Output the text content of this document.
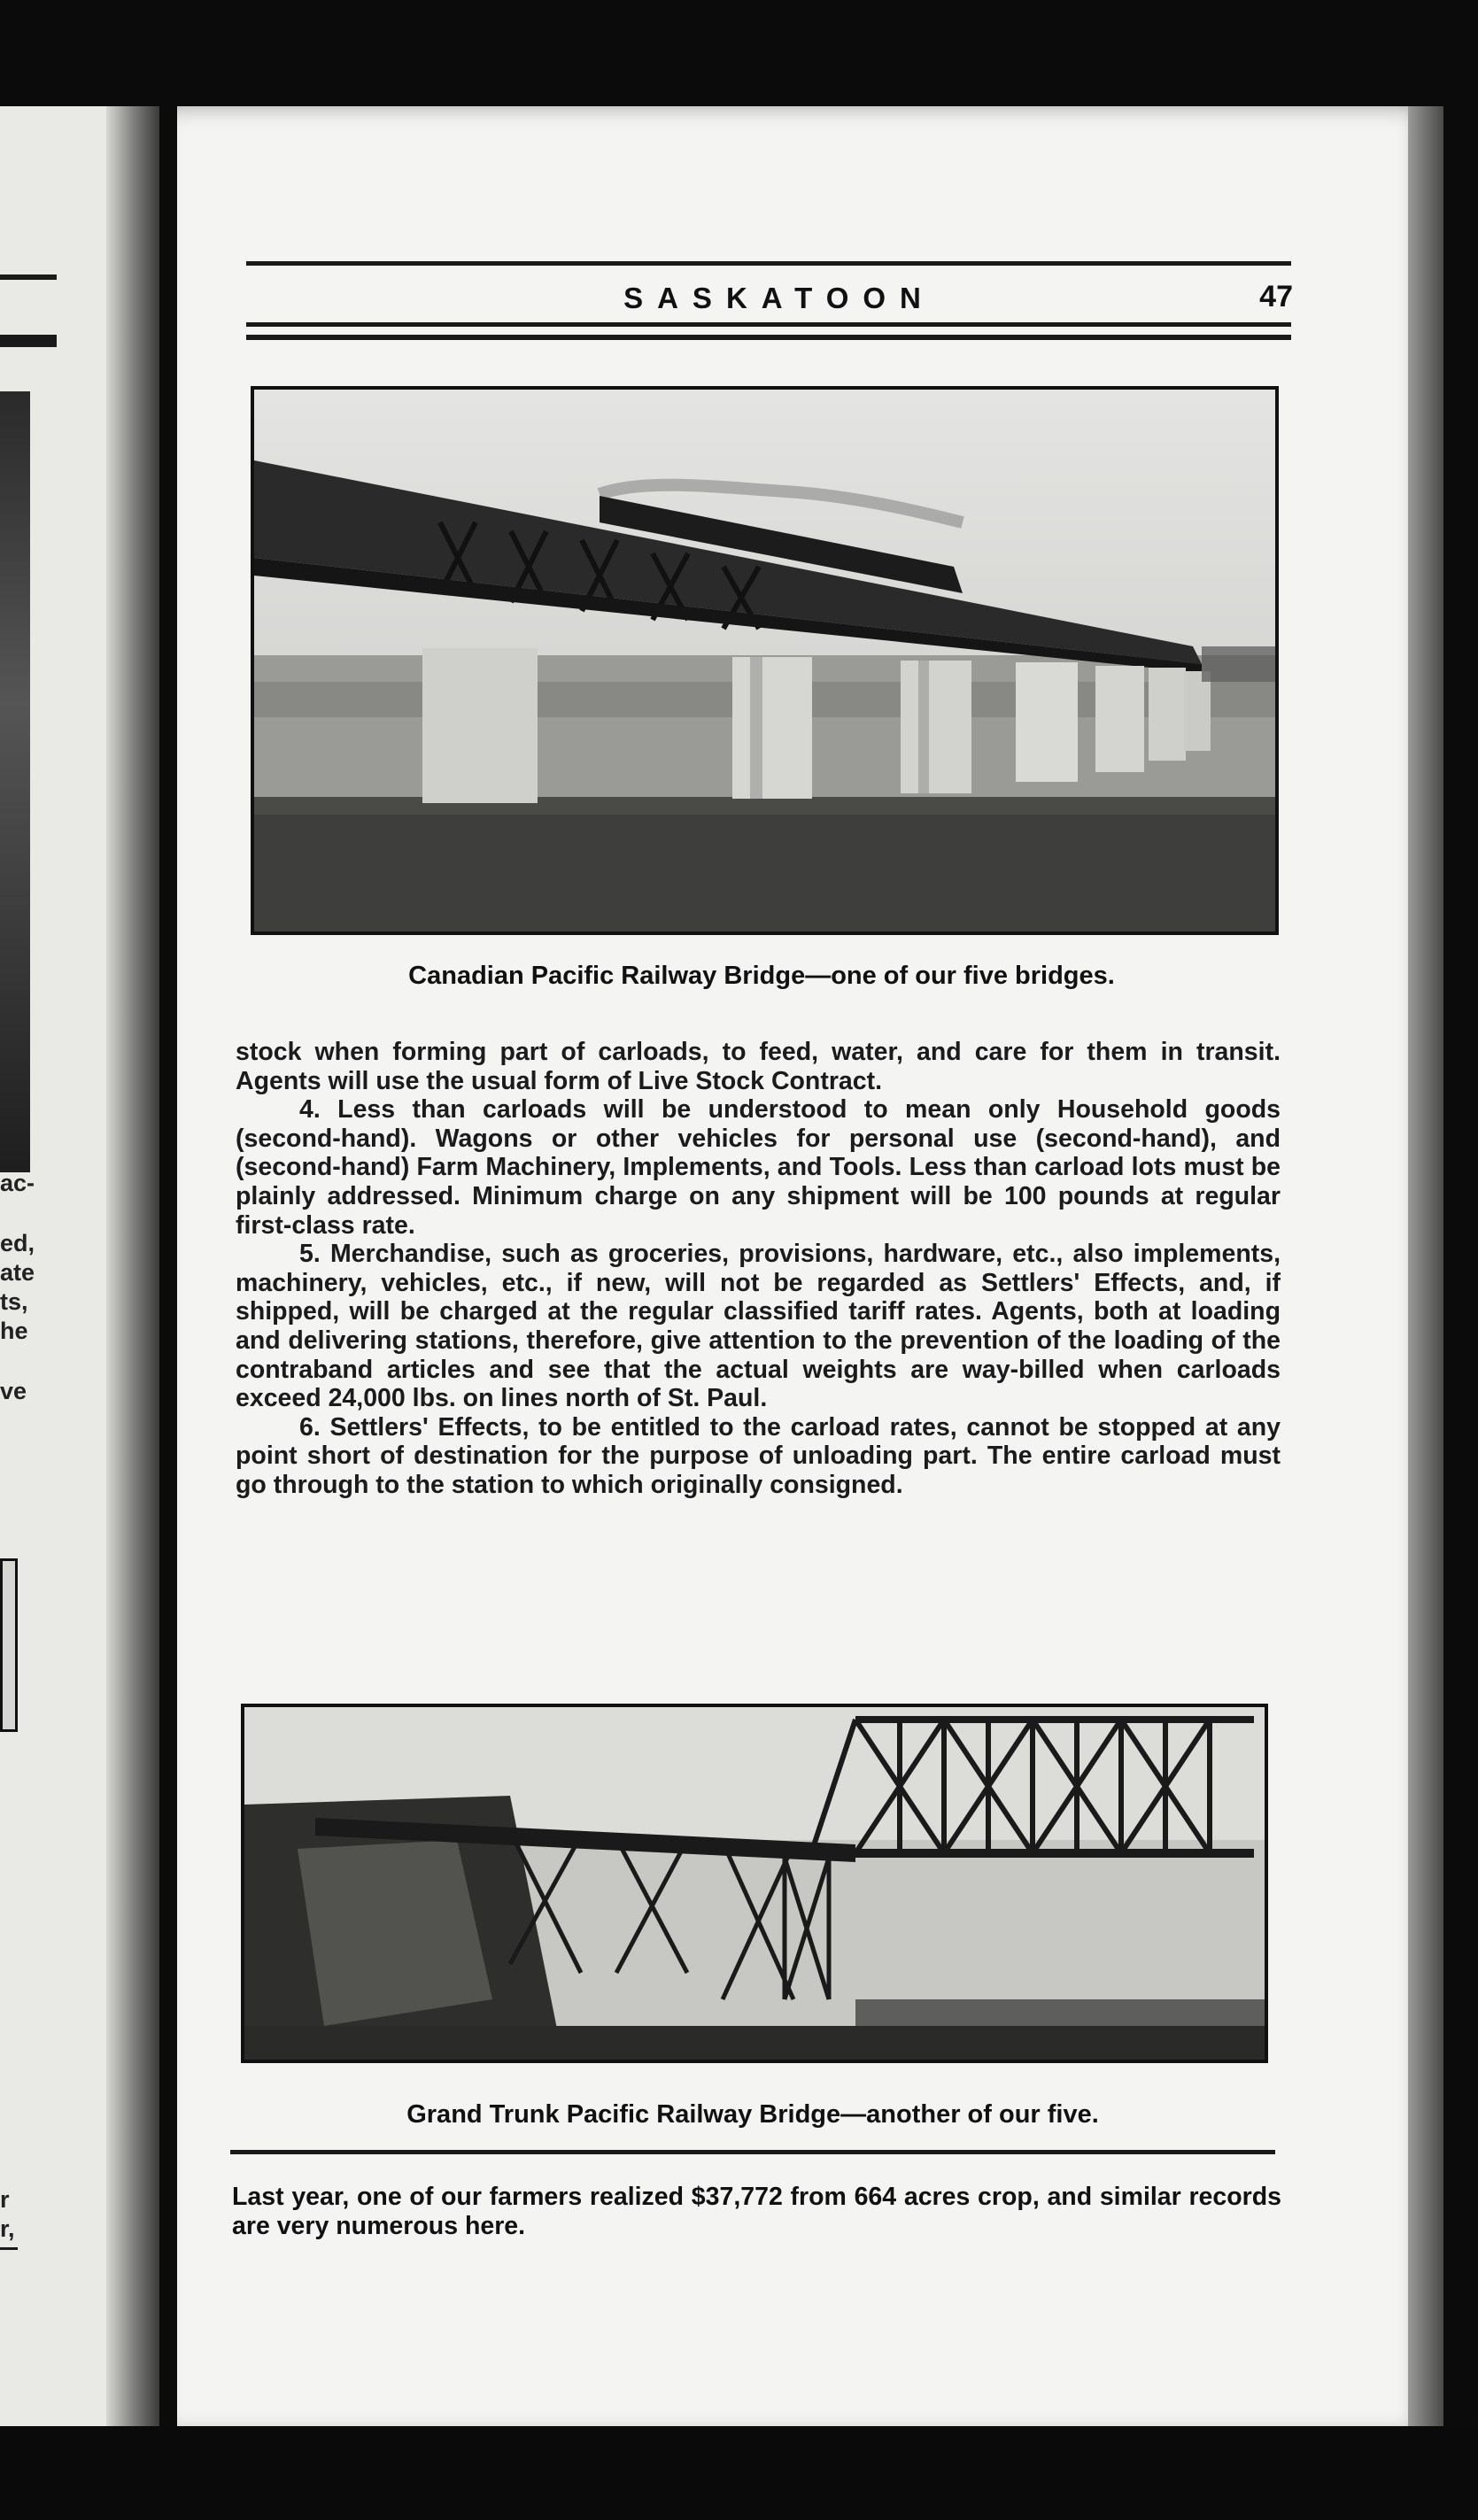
ac-
ed,
ate
ts,
he
ve
r
r,
SASKATOON	47
Canadian Pacific Railway Bridge—one of our five bridges.

stock when forming part of carloads, to feed, water, and care for them in transit. Agents will use the usual form of Live Stock Contract.

4. Less than carloads will be understood to mean only Household goods (second-hand). Wagons or other vehicles for personal use (second-hand), and (second-hand) Farm Machinery, Implements, and Tools. Less than carload lots must be plainly addressed. Minimum charge on any shipment will be 100 pounds at regular first-class rate.

5. Merchandise, such as groceries, provisions, hardware, etc., also implements, machinery, vehicles, etc., if new, will not be regarded as Settlers' Effects, and, if shipped, will be charged at the regular classified tariff rates. Agents, both at loading and delivering stations, therefore, give attention to the prevention of the loading of the contraband articles and see that the actual weights are way-billed when carloads exceed 24,000 lbs. on lines north of St. Paul.

6. Settlers' Effects, to be entitled to the carload rates, cannot be stopped at any point short of destination for the purpose of unloading part. The entire carload must go through to the station to which originally consigned.

Grand Trunk Pacific Railway Bridge—another of our five.
Last year, one of our farmers realized $37,772 from 664 acres crop, and similar records are very numerous here.
